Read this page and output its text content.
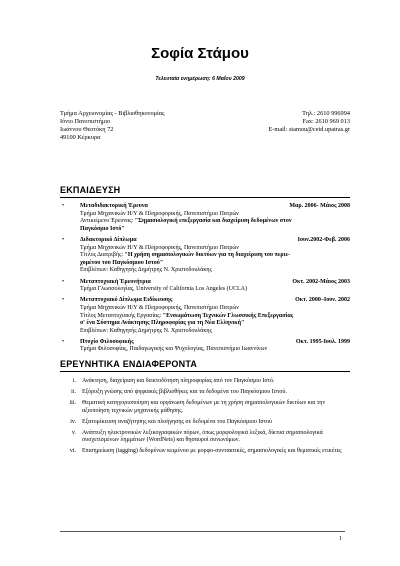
Σοφία Στάμου
Τελευταία ενημέρωση: 6 Μαΐου 2009
Τμήμα Αρχειονομίας - Βιβλιοθηκονομίας	Τηλ.: 2610 996994
Ιόνιο Πανεπιστήμιο	Fax: 2610 969 013
Ιωάννου Θεοτόκη 72	E-mail: stamou@ceid.upatras.gr
49100 Κέρκυρα
ΕΚΠΑΙΔΕΥΣΗ
•	Μεταδιδακτορική Έρευνα	Μαρ. 2006- Μάιος 2008
Τμήμα Μηχανικών Η/Υ & Πληροφορικής, Πανεπιστήμιο Πατρών
Αντικείμενο Έρευνας: "Σημασιολογική επεξεργασία και διαχείριση δεδομένων στον
Παγκόσμιο Ιστό"
•	Διδακτορικό Δίπλωμα	Ιουν.2002-Φεβ. 2006
Τμήμα Μηχανικών Η/Υ & Πληροφορικής, Πανεπιστήμιο Πατρών
Τίτλος Διατριβής: "Η χρήση σημασιολογικών δικτύων για τη διαχείριση του περιε-
χομένου του Παγκόσμιου Ιστού"
Επιβλέπων: Καθηγητής Δημήτρης Ν. Χριστοδουλάκης
•	Μεταπτυχιακή Έρευνήτρια	Οκτ. 2002-Μάιος 2003
Τμήμα Γλωσσολογίας, University of California Los Angeles (UCLA)
•	Μεταπτυχιακό Δίπλωμα Ειδίκευσης	Οκτ. 2000–Ιουν. 2002
Τμήμα Μηχανικών Η/Υ & Πληροφορικής, Πανεπιστήμιο Πατρών
Τίτλος Μεταπτυχιακής Εργασίας: "Ενσωμάτωση Τεχνικών Γλωσσικής Επεξεργασίας
σ' ένα Σύστημα Ανάκτησης Πληροφορίας για τη Νέα Ελληνική"
Επιβλέπων: Καθηγητής Δημήτρης Ν. Χριστοδουλάκης
•	Πτυχίο Φιλοσοφικής	Οκτ. 1995-Ιουλ. 1999
Τμήμα Φιλοσοφίας, Παιδαγωγικής και Ψυχολογίας, Πανεπιστήμιο Ιωαννίνων
ΕΡΕΥΝΗΤΙΚΑ ΕΝΔΙΑΦΕΡΟΝΤΑ
i. Ανάκτηση, διαχείριση και δεικτοδότηση πληροφορίας από τον Παγκόσμιο Ιστό.
ii. Εξόρυξη γνώσης από ψηφιακές βιβλιοθήκες και τα δεδομένα του Παγκόσμιου Ιστού.
iii. Θεματική κατηγοριοποίηση και οργάνωση δεδομένων με τη χρήση σημασιολογικών δικτύων και την αξιοποίηση τεχνικών μηχανικής μάθησης.
iv. Εξατομίκευση αναζήτησης και πλοήγησης σε δεδομένα του Παγκόσμιου Ιστού
v. Ανάπτυξη ηλεκτρονικών λεξικογραφικών πόρων, όπως μορφολογικά λεξικά, δίκτυα σημασιολογικά συσχετισμένων λημμάτων (WordNets) και θησαυροί συνωνύμων.
vi. Επισημείωση (tagging) δεδομένων κειμένου με μορφο-συντακτικές, σημασιολογικές και θεματικές ετικέτες
1
